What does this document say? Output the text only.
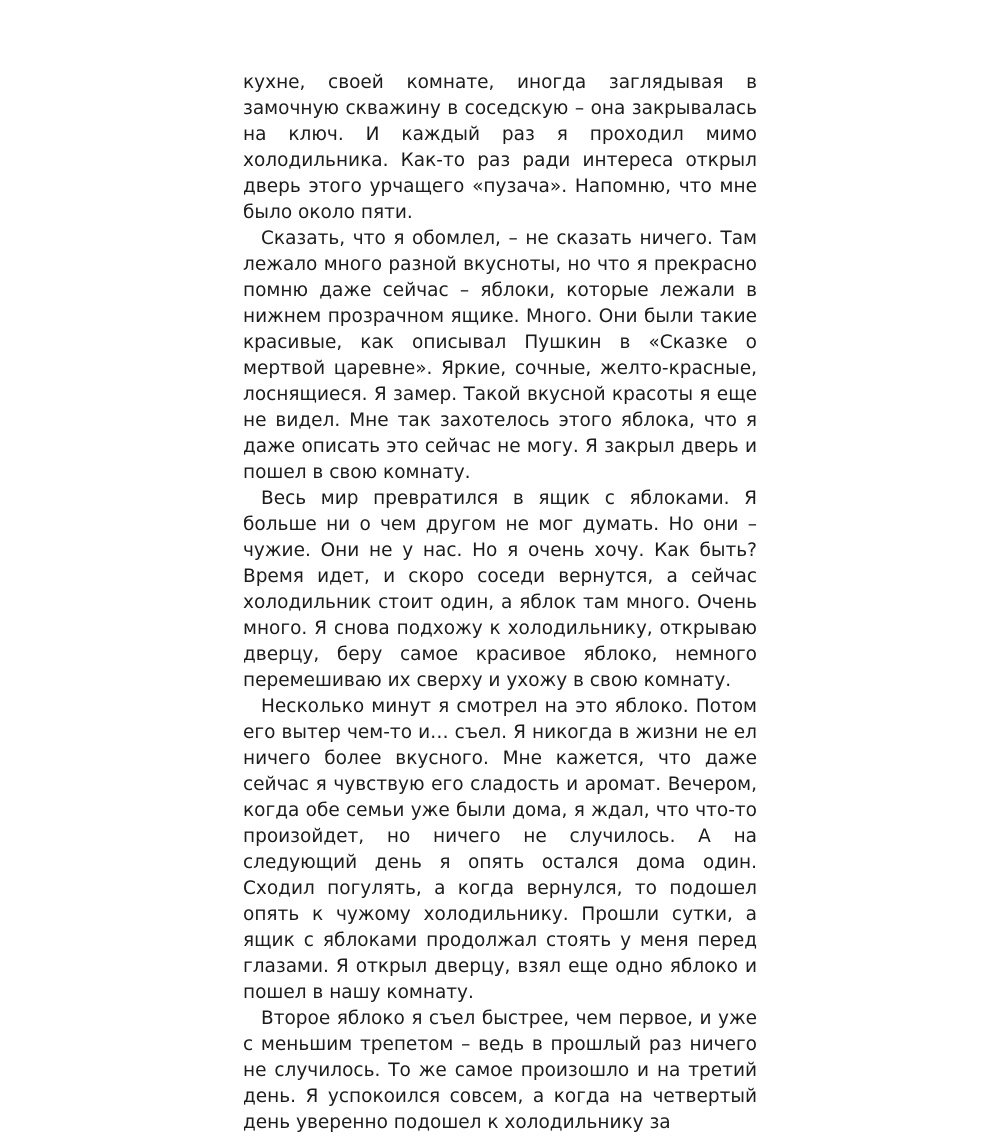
кухне, своей комнате, иногда заглядывая в замочную скважину в соседскую – она закрывалась на ключ. И каждый раз я проходил мимо холодильника. Как-то раз ради интереса открыл дверь этого урчащего «пузача». Напомню, что мне было около пяти.

Сказать, что я обомлел, – не сказать ничего. Там лежало много разной вкусноты, но что я прекрасно помню даже сейчас – яблоки, которые лежали в нижнем прозрачном ящике. Много. Они были такие красивые, как описывал Пушкин в «Сказке о мертвой царевне». Яркие, сочные, желто-красные, лоснящиеся. Я замер. Такой вкусной красоты я еще не видел. Мне так захотелось этого яблока, что я даже описать это сейчас не могу. Я закрыл дверь и пошел в свою комнату.

Весь мир превратился в ящик с яблоками. Я больше ни о чем другом не мог думать. Но они – чужие. Они не у нас. Но я очень хочу. Как быть? Время идет, и скоро соседи вернутся, а сейчас холодильник стоит один, а яблок там много. Очень много. Я снова подхожу к холодильнику, открываю дверцу, беру самое красивое яблоко, немного перемешиваю их сверху и ухожу в свою комнату.

Несколько минут я смотрел на это яблоко. Потом его вытер чем-то и… съел. Я никогда в жизни не ел ничего более вкусного. Мне кажется, что даже сейчас я чувствую его сладость и аромат. Вечером, когда обе семьи уже были дома, я ждал, что что-то произойдет, но ничего не случилось. А на следующий день я опять остался дома один. Сходил погулять, а когда вернулся, то подошел опять к чужому холодильнику. Прошли сутки, а ящик с яблоками продолжал стоять у меня перед глазами. Я открыл дверцу, взял еще одно яблоко и пошел в нашу комнату.

Второе яблоко я съел быстрее, чем первое, и уже с меньшим трепетом – ведь в прошлый раз ничего не случилось. То же самое произошло и на третий день. Я успокоился совсем, а когда на четвертый день уверенно подошел к холодильнику за
